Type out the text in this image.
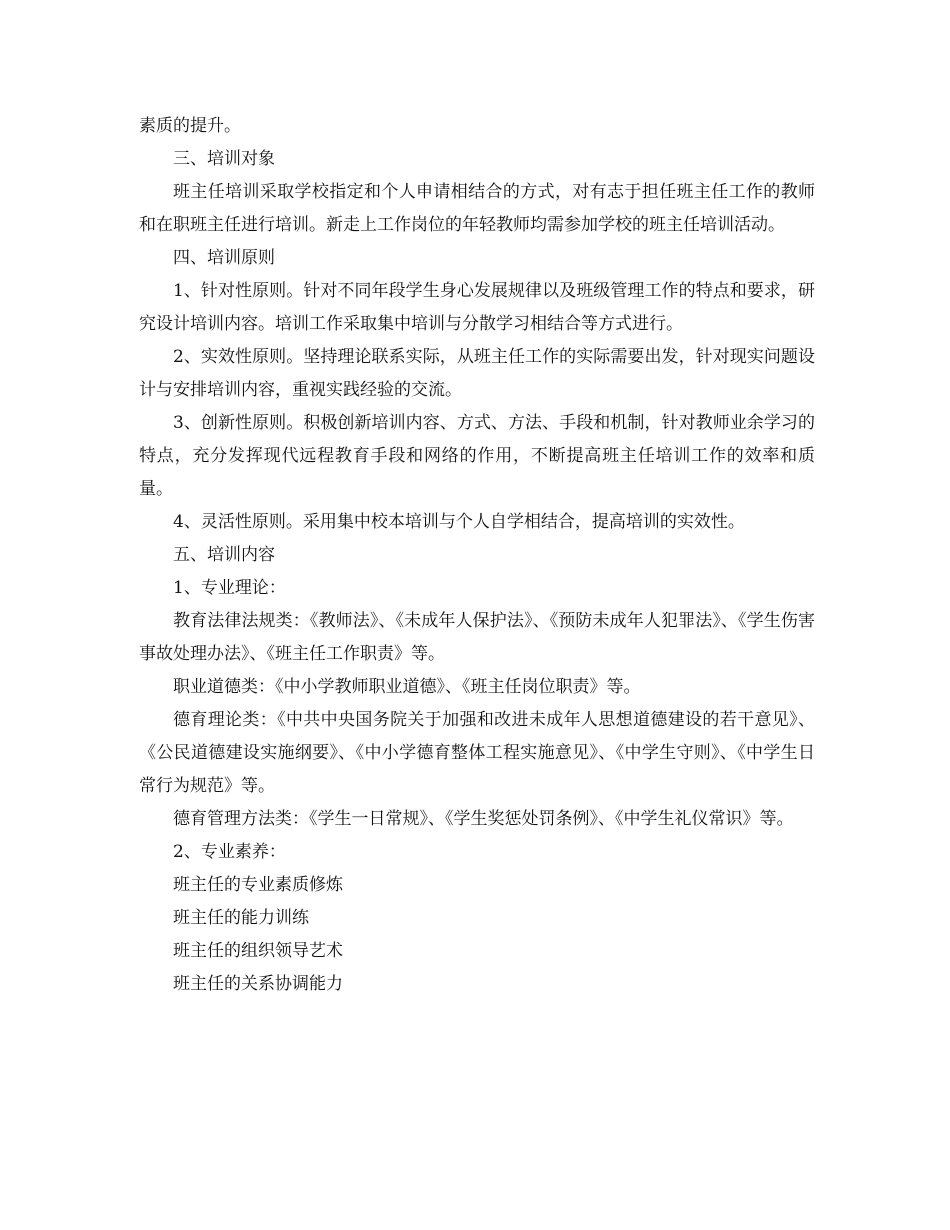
素质的提升。

三、培训对象

班主任培训采取学校指定和个人申请相结合的方式，对有志于担任班主任工作的教师和在职班主任进行培训。新走上工作岗位的年轻教师均需参加学校的班主任培训活动。

四、培训原则

1、针对性原则。针对不同年段学生身心发展规律以及班级管理工作的特点和要求，研究设计培训内容。培训工作采取集中培训与分散学习相结合等方式进行。

2、实效性原则。坚持理论联系实际，从班主任工作的实际需要出发，针对现实问题设计与安排培训内容，重视实践经验的交流。

3、创新性原则。积极创新培训内容、方式、方法、手段和机制，针对教师业余学习的特点，充分发挥现代远程教育手段和网络的作用，不断提高班主任培训工作的效率和质量。

4、灵活性原则。采用集中校本培训与个人自学相结合，提高培训的实效性。

五、培训内容

1、专业理论：

教育法律法规类：《教师法》、《未成年人保护法》、《预防未成年人犯罪法》、《学生伤害事故处理办法》、《班主任工作职责》等。

职业道德类：《中小学教师职业道德》、《班主任岗位职责》等。

德育理论类：《中共中央国务院关于加强和改进未成年人思想道德建设的若干意见》、《公民道德建设实施纲要》、《中小学德育整体工程实施意见》、《中学生守则》、《中学生日常行为规范》等。

德育管理方法类：《学生一日常规》、《学生奖惩处罚条例》、《中学生礼仪常识》等。

2、专业素养：

班主任的专业素质修炼

班主任的能力训练

班主任的组织领导艺术

班主任的关系协调能力
